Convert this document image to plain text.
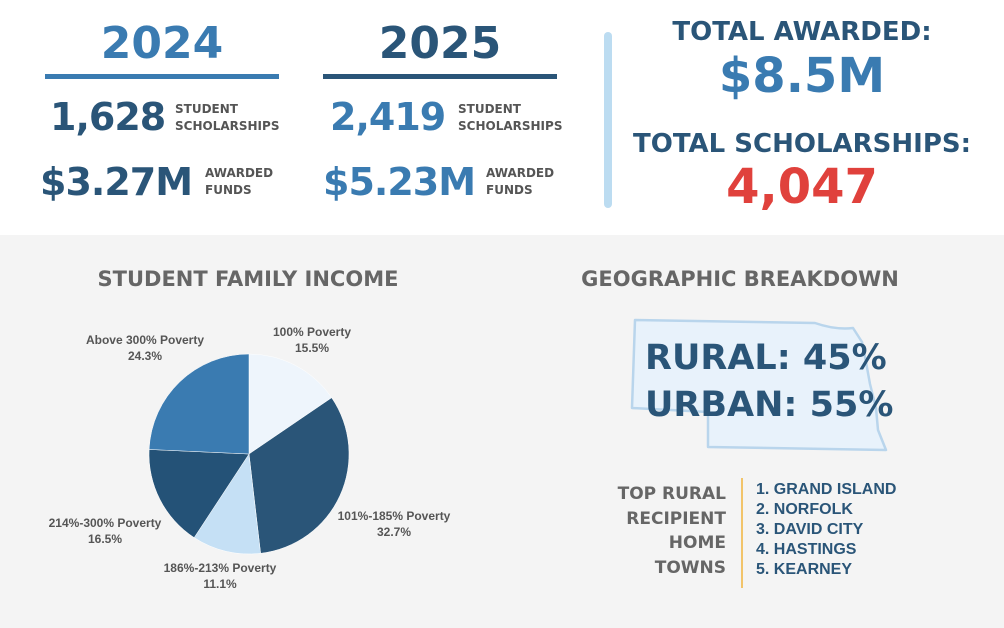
2024
1,628 STUDENT SCHOLARSHIPS
$3.27M AWARDED FUNDS
2025
2,419 STUDENT SCHOLARSHIPS
$5.23M AWARDED FUNDS
TOTAL AWARDED:
$8.5M
TOTAL SCHOLARSHIPS:
4,047
STUDENT FAMILY INCOME
Above 300% Poverty
24.3%
100% Poverty
15.5%
101%-185% Poverty
32.7%
186%-213% Poverty
11.1%
214%-300% Poverty
16.5%
GEOGRAPHIC BREAKDOWN
RURAL: 45%
URBAN: 55%
TOP RURAL
RECIPIENT
HOME
TOWNS
1. GRAND ISLAND
2. NORFOLK
3. DAVID CITY
4. HASTINGS
5. KEARNEY
